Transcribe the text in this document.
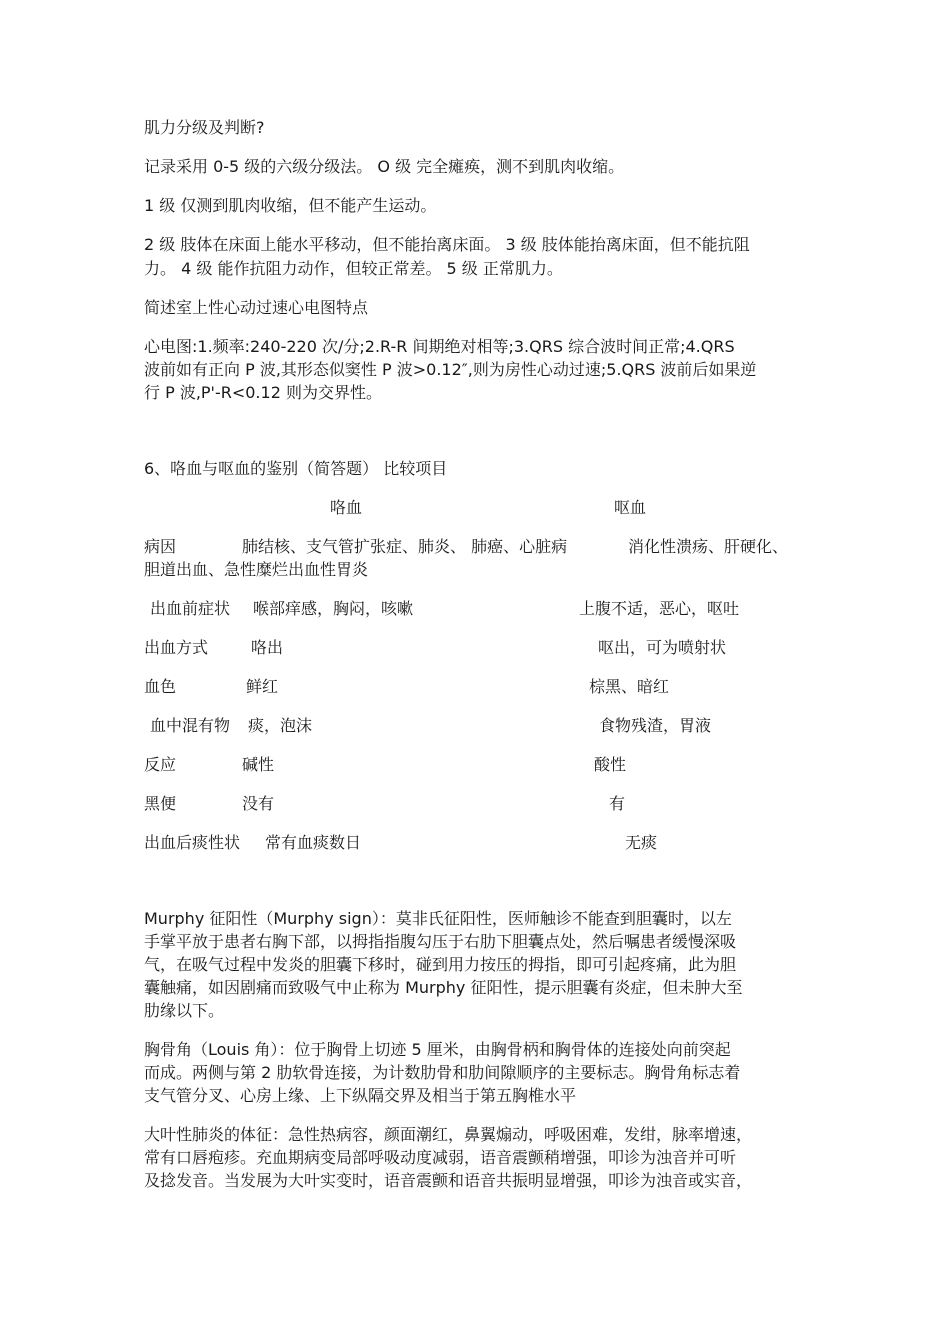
肌力分级及判断?
记录采用 0-5 级的六级分级法。 O 级 完全瘫痪，测不到肌肉收缩。
1 级 仅测到肌肉收缩，但不能产生运动。
2 级 肢体在床面上能水平移动，但不能抬离床面。 3 级 肢体能抬离床面，但不能抗阻
力。 4 级 能作抗阻力动作，但较正常差。 5 级 正常肌力。
简述室上性心动过速心电图特点
心电图:1.频率:240-220 次/分;2.R-R 间期绝对相等;3.QRS 综合波时间正常;4.QRS
波前如有正向 P 波,其形态似窦性 P 波>0.12″,则为房性心动过速;5.QRS 波前后如果逆
行 P 波,P'-R<0.12 则为交界性。
6、咯血与呕血的鉴别（简答题） 比较项目
咯血	呕血
病因	肺结核、支气管扩张症、肺炎、 肺癌、心脏病	消化性溃疡、肝硬化、
胆道出血、急性糜烂出血性胃炎
出血前症状 喉部痒感，胸闷，咳嗽	上腹不适，恶心，呕吐
出血方式	咯出	呕出，可为喷射状
血色	鲜红	棕黑、暗红
血中混有物 痰，泡沫	食物残渣，胃液
反应	碱性	酸性
黑便	没有	有
出血后痰性状 常有血痰数日	无痰
Murphy 征阳性（Murphy sign）：莫非氏征阳性，医师触诊不能查到胆囊时，以左
手掌平放于患者右胸下部，以拇指指腹勾压于右肋下胆囊点处，然后嘱患者缓慢深吸
气，在吸气过程中发炎的胆囊下移时，碰到用力按压的拇指，即可引起疼痛，此为胆
囊触痛，如因剧痛而致吸气中止称为 Murphy 征阳性，提示胆囊有炎症，但未肿大至
肋缘以下。
胸骨角（Louis 角）：位于胸骨上切迹 5 厘米，由胸骨柄和胸骨体的连接处向前突起
而成。两侧与第 2 肋软骨连接，为计数肋骨和肋间隙顺序的主要标志。胸骨角标志着
支气管分叉、心房上缘、上下纵隔交界及相当于第五胸椎水平
大叶性肺炎的体征：急性热病容，颜面潮红，鼻翼煽动，呼吸困难，发绀，脉率增速，
常有口唇疱疹。充血期病变局部呼吸动度减弱，语音震颤稍增强，叩诊为浊音并可听
及捻发音。当发展为大叶实变时，语音震颤和语音共振明显增强，叩诊为浊音或实音，
